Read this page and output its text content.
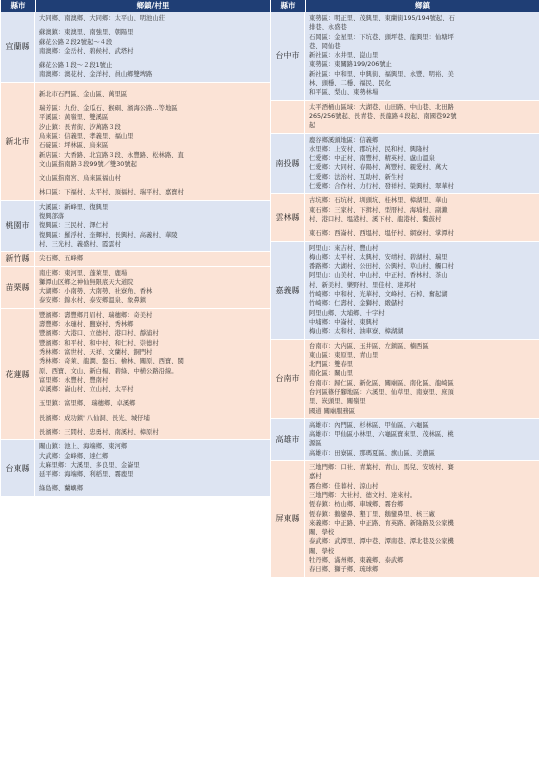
縣市	鄉鎮/村里
宜蘭縣
大同鄉、南澳鄉、大同鄉：太平山、明池山莊

蘇澳鎮：東澳里、南強里、朝陽里
蘇花公路２段2號起～４段
南澳鄉：金岳村、碧候村、武塔村

蘇花公路１段～２段1號止
南澳鄉：澳花村、金洋村、員山鄉雙埤路
新北市

新北市石門區、金山區、萬里區

瑞芳區：九份、金瓜石、猴硐、濱海公路…等地區
平溪區：黃嶺里、雙溪區
汐止鎮：長青街、汐萬路３段
烏來區：信義里、孝義里、福山里
石碇區：坪林區、烏來區
新店區：大香路、北宜路３段、永豐路、松林路、直
文山區指南路３段99號／雙30號起

文山區指南宮、烏來區福山村

林口區：下福村、太平村、頂福村、瑞平村、嘉寶村
桃園市
大溪區：新峰里、復興里
復興部落
復興區：三民村、澤仁村
復興區：羅浮村、奎輝村、長興村、高義村、華陵
村、三光村、義盛村、霞雲村
新竹縣	尖石鄉、五峰鄉
苗栗縣
南庄鄉：東河里、蓬萊里、鹿場
獅潭山区鄉之神仙無限底天大道院
大湖鄉：小南勢、大南勢、社寮角、香林
泰安鄉：錦水村、泰安鄉溫泉、象鼻鎮
花蓮縣
豐濱鄉：壽豐鄉月眉村、瑞穗鄉：奇美村
壽豐鄉：水璉村、鹽寮村、秀林鄉
豐濱鄉：大港口、立德村、港口村、靜浦村
豐濱鄉：和平村、和中村、和仁村、崇德村
秀林鄉：富世村、天祥、文蘭村、銅門村
秀林鄉：奇萊、龍澗、盤石、檜林、關原、西寶、閩
原、西寶、文山、新白楊、碧綠、中横公路沿線。
富里鄉：永豐村、豐南村
卓溪鄉：崙山村、立山村、太平村

玉里鎮：富里鄉、 瑞穗鄉、卓溪鄉

長濱鄉：成功鎮' 八仙洞、長光、城仔埔

長濱鄉：三間村、忠勇村、南溪村、樟原村
台東縣
關山鎮：池上、海端鄉、東河鄉
大武鄉：金峰鄉、達仁鄉
太麻里鄉：大溪里、多良里、金崙里
延平鄉：海端鄉、利稻里、霧鹿里

綠島鄉、蘭嶼鄉
縣市	鄉鎮
台中市
東勢區：明正里、茂興里、東蘭街195/194號起、石
排巷、永盛巷
石岡區：金星里：下坑巷、頭坪巷、龍興里：仙塘坪
巷、岡仙巷
新社區：水井里、崑山里
東勢區：東關路199/206號止
新社區：中和里、中興街、福興里、永豐、明裕、美
林、頭穩、二穩、福民、民化
和平區、梨山、東勢林場
太平酒桶山區域：大湖巷、山田路、中山巷、北田路
265/256號起、長青巷、長龍路４段起、南國巷92號
起
南投縣
鹿谷鄉溪頭地區：信義鄉
水里鄉：上安村、郡坑村、民和村、興隆村
仁愛鄉：中正村、南豐村、精英村、盧山溫泉
仁愛鄉：大同村、春陽村、萬豐村、親愛村、萬大
仁愛鄉：法治村、互助村、新生村
仁愛鄉：合作村、力行村、發祥村、榮興村、翠華村
雲林縣
古坑鄉：石坑村、圳頭坑、桂林里、樟湖里、華山
東石鄉：三家村、下揖村、型厝村、海埔村、副瀨
村、港口村、塭港村、溪下村、龍港村、鰲鼓村

東石鄉：西崙村、西塭村、塭仔村、網寮村、掌潭村
嘉義縣
阿里山：來吉村、豐山村
梅山鄉：太平村、太興村、安靖村、碧湖村、瑞里
番路鄉：大湖村、公田村、公興村、草山村、觸口村
阿里山：山美村、中山村、中正村、香林村、茶山
村、新美村、樂野村、里佳村、達邦村
竹崎鄉：中和村、光華村、文峰村、石棹、奮起湖
竹崎鄉：仁壽村、金獅村、緞儲村
阿里山鄉、大埔鄉、十字村
中埔鄉：中崙村、東興村
梅山鄉：太和村、油車寮、樟湖湖
台南市
台南市：大内區、玉井區、左鎮區、楠西區
東山區：東原里、青山里
北門區：雙春里
南化區：關山里
台南市：歸仁區、新化區、關廟區、南化區、龍崎區
台河區篠仔腳地區：六溪里、仙草里、南寮里、庶頂
里、崁頭里、關嶺里
國道 關廟服務區
高雄市
高雄市：內門區、杉林區、甲仙區、六龜區
高雄市：甲仙區小林里、六龜區寶來里、茂林區、桃
源區
高雄市：田寮區、那瑪夏區、旗山區、美濃區
屏東縣
三地門鄉：口社、青葉村、青山、馬兒、安坡村、賽
嘉村
霧台鄉：佳暮村、涼山村
三地門鄉：大社村、德文村、達來村。
恆春鎮：枋山鄉、車城鄉、霧台鄉
恆春鎮：鵝鑾鼻、墾丁里、鵝鑾鼻里、核三廠
來義鄉：中正路、中正路、育英路、新隆路及公家機
關、學校
泰武鄉：武潭里、潭中巷、潭南巷、潭北巷及公家機
關、學校
牡丹鄉、滿州鄉、東義鄉、泰武鄉
春日鄉、獅子鄉、琉球鄉
